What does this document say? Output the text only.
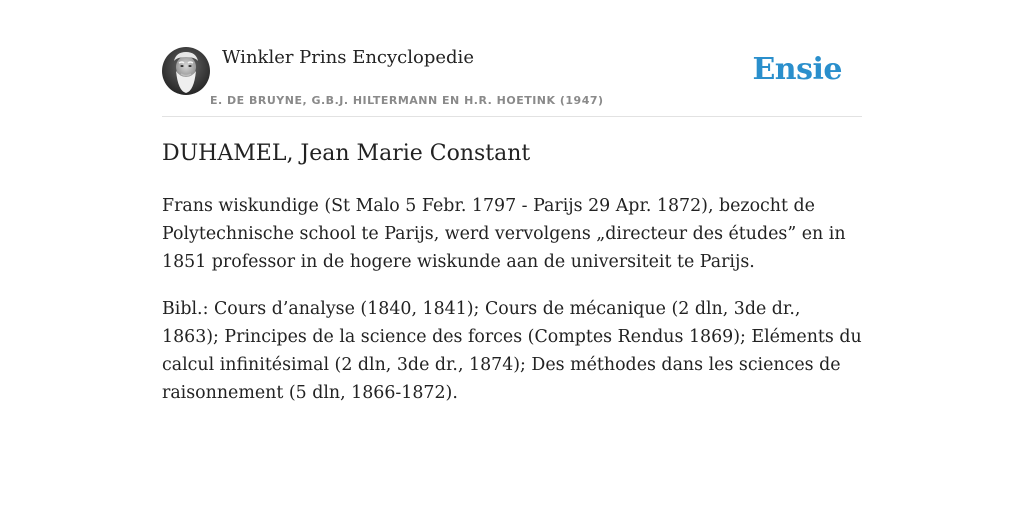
Winkler Prins Encyclopedie
E. DE BRUYNE, G.B.J. HILTERMANN EN H.R. HOETINK (1947)
Ensie
DUHAMEL, Jean Marie Constant

Frans wiskundige (St Malo 5 Febr. 1797 - Parijs 29 Apr. 1872), bezocht de Polytechnische school te Parijs, werd vervolgens „directeur des études” en in 1851 professor in de hogere wiskunde aan de universiteit te Parijs.

Bibl.: Cours d’analyse (1840, 1841); Cours de mécanique (2 dln, 3de dr., 1863); Principes de la science des forces (Comptes Rendus 1869); Eléments du calcul infinitésimal (2 dln, 3de dr., 1874); Des méthodes dans les sciences de raisonnement (5 dln, 1866-1872).
